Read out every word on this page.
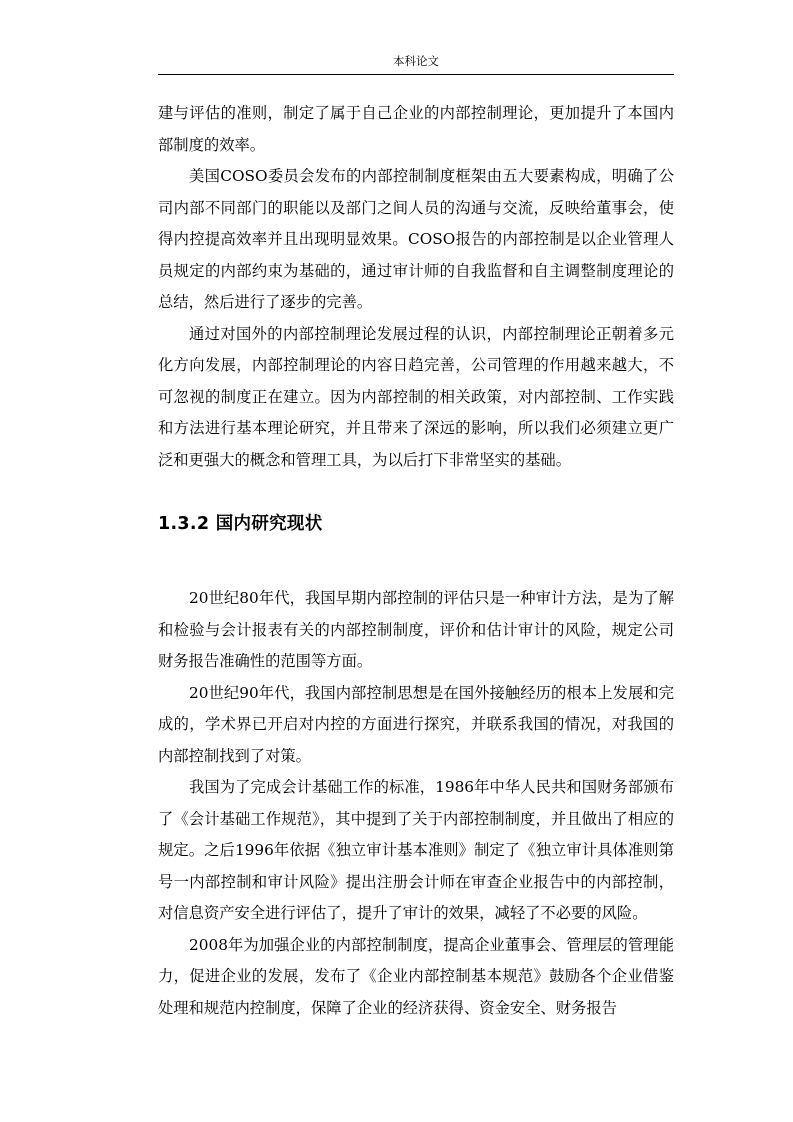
本科论文

建与评估的准则，制定了属于自己企业的内部控制理论，更加提升了本国内部制度的效率。

美国COSO委员会发布的内部控制制度框架由五大要素构成，明确了公司内部不同部门的职能以及部门之间人员的沟通与交流，反映给董事会，使得内控提高效率并且出现明显效果。COSO报告的内部控制是以企业管理人员规定的内部约束为基础的，通过审计师的自我监督和自主调整制度理论的总结，然后进行了逐步的完善。

通过对国外的内部控制理论发展过程的认识，内部控制理论正朝着多元化方向发展，内部控制理论的内容日趋完善，公司管理的作用越来越大，不可忽视的制度正在建立。因为内部控制的相关政策，对内部控制、工作实践和方法进行基本理论研究，并且带来了深远的影响，所以我们必须建立更广泛和更强大的概念和管理工具，为以后打下非常坚实的基础。

1.3.2 国内研究现状

20世纪80年代，我国早期内部控制的评估只是一种审计方法，是为了解和检验与会计报表有关的内部控制制度，评价和估计审计的风险，规定公司财务报告准确性的范围等方面。

20世纪90年代，我国内部控制思想是在国外接触经历的根本上发展和完成的，学术界已开启对内控的方面进行探究，并联系我国的情况，对我国的内部控制找到了对策。

我国为了完成会计基础工作的标准，1986年中华人民共和国财务部颁布了《会计基础工作规范》，其中提到了关于内部控制制度，并且做出了相应的规定。之后1996年依据《独立审计基本准则》制定了《独立审计具体准则第号一内部控制和审计风险》提出注册会计师在审查企业报告中的内部控制，对信息资产安全进行评估了，提升了审计的效果，减轻了不必要的风险。

2008年为加强企业的内部控制制度，提高企业董事会、管理层的管理能力，促进企业的发展，发布了《企业内部控制基本规范》鼓励各个企业借鉴处理和规范内控制度，保障了企业的经济获得、资金安全、财务报告
